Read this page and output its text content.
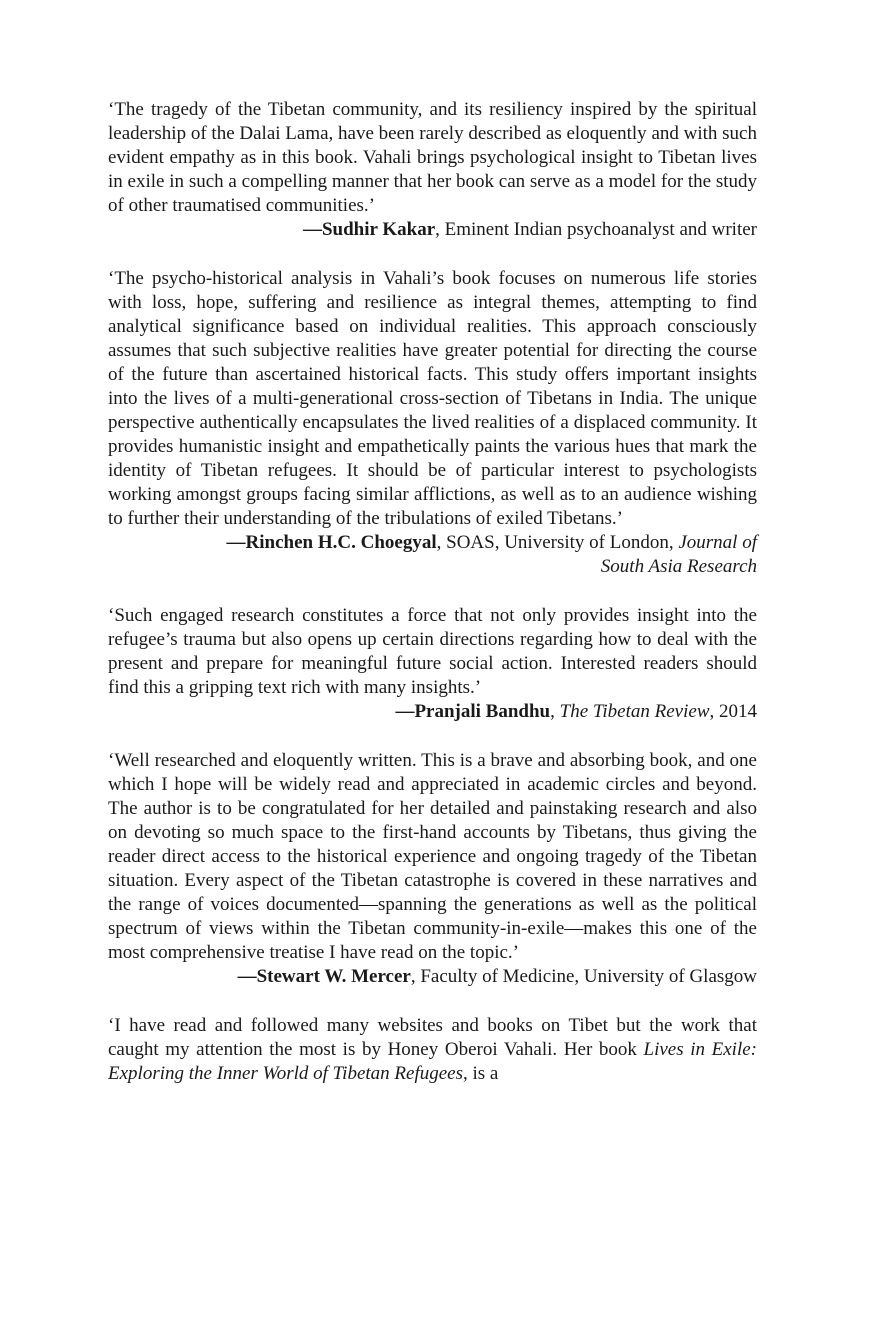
‘The tragedy of the Tibetan community, and its resiliency inspired by the spiritual leadership of the Dalai Lama, have been rarely described as eloquently and with such evident empathy as in this book. Vahali brings psychological insight to Tibetan lives in exile in such a compelling manner that her book can serve as a model for the study of other traumatised communities.’

—Sudhir Kakar, Eminent Indian psychoanalyst and writer

‘The psycho-historical analysis in Vahali’s book focuses on numerous life stories with loss, hope, suffering and resilience as integral themes, attempting to find analytical significance based on individual realities. This approach consciously assumes that such subjective realities have greater potential for directing the course of the future than ascertained historical facts. This study offers important insights into the lives of a multi-generational cross-section of Tibetans in India. The unique perspective authentically encapsulates the lived realities of a displaced community. It provides humanistic insight and empathetically paints the various hues that mark the identity of Tibetan refugees. It should be of particular interest to psychologists working amongst groups facing similar afflictions, as well as to an audience wishing to further their understanding of the tribulations of exiled Tibetans.’

—Rinchen H.C. Choegyal, SOAS, University of London, Journal of
South Asia Research

‘Such engaged research constitutes a force that not only provides insight into the refugee’s trauma but also opens up certain directions regarding how to deal with the present and prepare for meaningful future social action. Interested readers should find this a gripping text rich with many insights.’

—Pranjali Bandhu, The Tibetan Review, 2014

‘Well researched and eloquently written. This is a brave and absorbing book, and one which I hope will be widely read and appreciated in academic circles and beyond. The author is to be congratulated for her detailed and painstaking research and also on devoting so much space to the first-hand accounts by Tibetans, thus giving the reader direct access to the historical experience and ongoing tragedy of the Tibetan situation. Every aspect of the Tibetan catastrophe is covered in these narratives and the range of voices documented—spanning the generations as well as the political spectrum of views within the Tibetan community-in-exile—makes this one of the most comprehensive treatise I have read on the topic.’

—Stewart W. Mercer, Faculty of Medicine, University of Glasgow

‘I have read and followed many websites and books on Tibet but the work that caught my attention the most is by Honey Oberoi Vahali. Her book Lives in Exile: Exploring the Inner World of Tibetan Refugees, is a
